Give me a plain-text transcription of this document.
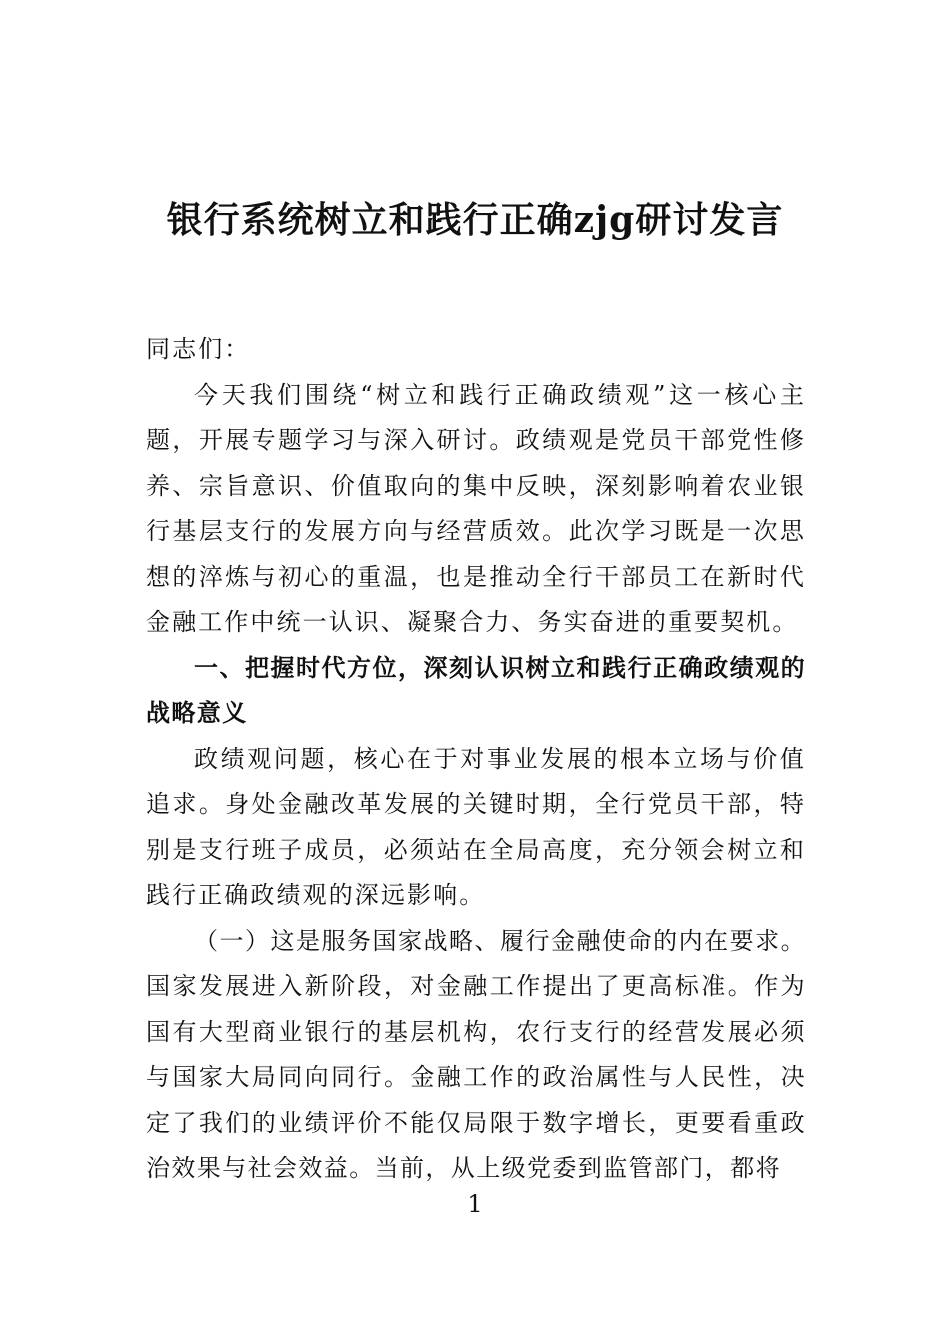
银行系统树立和践行正确zjg研讨发言

同志们：

今天我们围绕“树立和践行正确政绩观”这一核心主题，开展专题学习与深入研讨。政绩观是党员干部党性修养、宗旨意识、价值取向的集中反映，深刻影响着农业银行基层支行的发展方向与经营质效。此次学习既是一次思想的淬炼与初心的重温，也是推动全行干部员工在新时代金融工作中统一认识、凝聚合力、务实奋进的重要契机。

一、把握时代方位，深刻认识树立和践行正确政绩观的战略意义

政绩观问题，核心在于对事业发展的根本立场与价值追求。身处金融改革发展的关键时期，全行党员干部，特别是支行班子成员，必须站在全局高度，充分领会树立和践行正确政绩观的深远影响。

（一）这是服务国家战略、履行金融使命的内在要求。国家发展进入新阶段，对金融工作提出了更高标准。作为国有大型商业银行的基层机构，农行支行的经营发展必须与国家大局同向同行。金融工作的政治属性与人民性，决定了我们的业绩评价不能仅局限于数字增长，更要看重政治效果与社会效益。当前，从上级党委到监管部门，都将

1
